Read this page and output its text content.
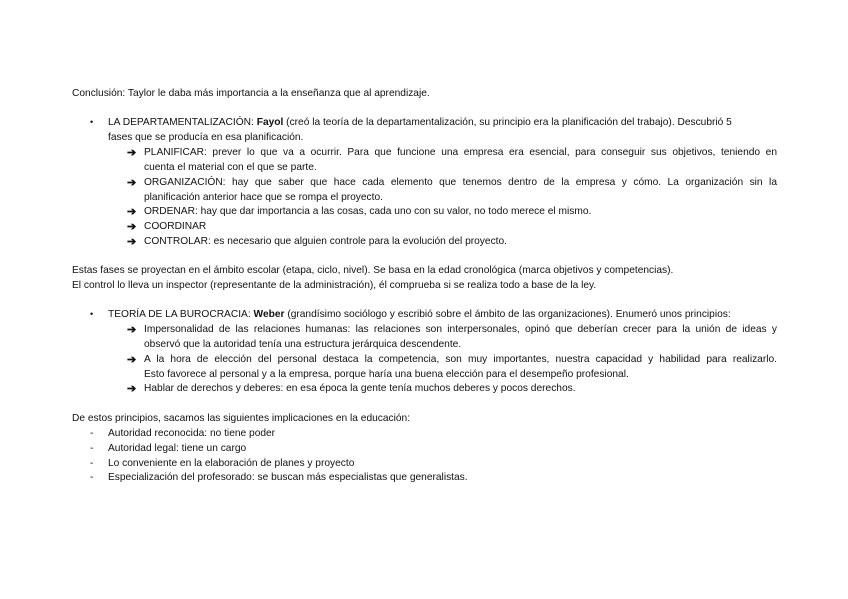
Conclusión: Taylor le daba más importancia a la enseñanza que al aprendizaje.
• LA DEPARTAMENTALIZACIÓN: Fayol (creó la teoría de la departamentalización, su principio era la planificación del trabajo). Descubrió 5
fases que se producía en esa planificación.
➔ PLANIFICAR: prever lo que va a ocurrir. Para que funcione una empresa era esencial, para conseguir sus objetivos, teniendo en
cuenta el material con el que se parte.
➔ ORGANIZACIÓN: hay que saber que hace cada elemento que tenemos dentro de la empresa y cómo. La organización sin la
planificación anterior hace que se rompa el proyecto.
➔ ORDENAR: hay que dar importancia a las cosas, cada uno con su valor, no todo merece el mismo.
➔ COORDINAR
➔ CONTROLAR: es necesario que alguien controle para la evolución del proyecto.
Estas fases se proyectan en el ámbito escolar (etapa, ciclo, nivel). Se basa en la edad cronológica (marca objetivos y competencias).
El control lo lleva un inspector (representante de la administración), él comprueba si se realiza todo a base de la ley.
• TEORÍA DE LA BUROCRACIA: Weber (grandísimo sociólogo y escribió sobre el ámbito de las organizaciones). Enumeró unos principios:
➔ Impersonalidad de las relaciones humanas: las relaciones son interpersonales, opinó que deberían crecer para la unión de ideas y
observó que la autoridad tenía una estructura jerárquica descendente.
➔ A la hora de elección del personal destaca la competencia, son muy importantes, nuestra capacidad y habilidad para realizarlo.
Esto favorece al personal y a la empresa, porque haría una buena elección para el desempeño profesional.
➔ Hablar de derechos y deberes: en esa época la gente tenía muchos deberes y pocos derechos.
De estos principios, sacamos las siguientes implicaciones en la educación:
- Autoridad reconocida: no tiene poder
- Autoridad legal: tiene un cargo
- Lo conveniente en la elaboración de planes y proyecto
- Especialización del profesorado: se buscan más especialistas que generalistas.
